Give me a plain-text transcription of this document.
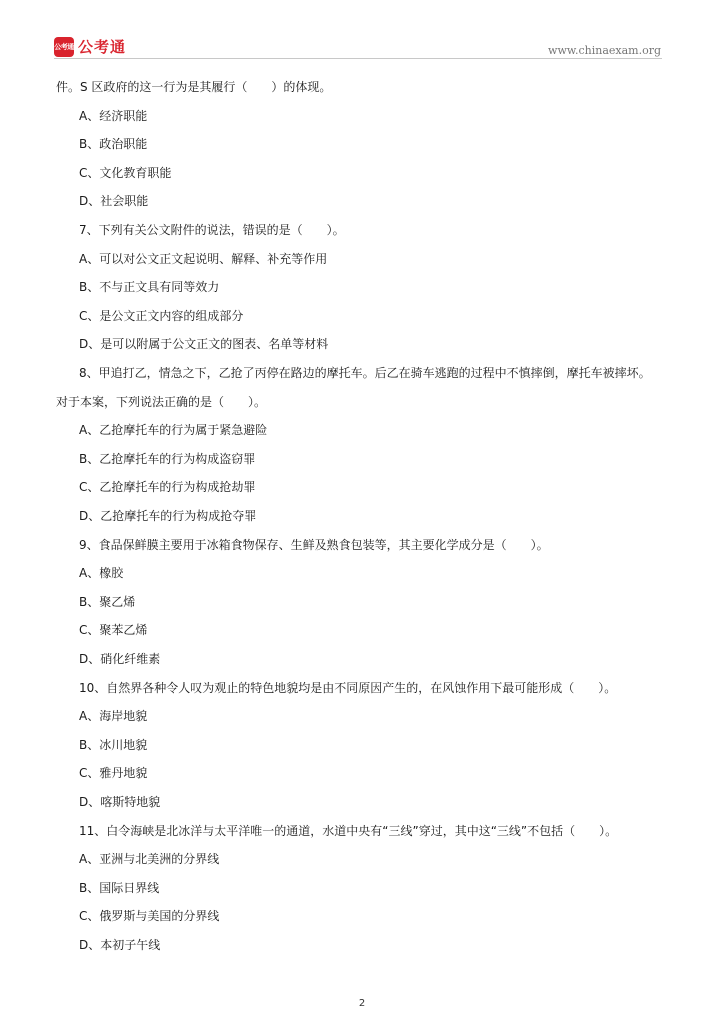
公考通 公考通	www.chinaexam.org
件。S 区政府的这一行为是其履行（　　）的体现。
A、经济职能
B、政治职能
C、文化教育职能
D、社会职能
7、下列有关公文附件的说法，错误的是（　　）。
A、可以对公文正文起说明、解释、补充等作用
B、不与正文具有同等效力
C、是公文正文内容的组成部分
D、是可以附属于公文正文的图表、名单等材料
8、甲追打乙，情急之下，乙抢了丙停在路边的摩托车。后乙在骑车逃跑的过程中不慎摔倒，摩托车被摔坏。
对于本案，下列说法正确的是（　　）。
A、乙抢摩托车的行为属于紧急避险
B、乙抢摩托车的行为构成盗窃罪
C、乙抢摩托车的行为构成抢劫罪
D、乙抢摩托车的行为构成抢夺罪
9、食品保鲜膜主要用于冰箱食物保存、生鲜及熟食包装等，其主要化学成分是（　　）。
A、橡胶
B、聚乙烯
C、聚苯乙烯
D、硝化纤维素
10、自然界各种令人叹为观止的特色地貌均是由不同原因产生的，在风蚀作用下最可能形成（　　）。
A、海岸地貌
B、冰川地貌
C、雅丹地貌
D、喀斯特地貌
11、白令海峡是北冰洋与太平洋唯一的通道，水道中央有“三线”穿过，其中这“三线”不包括（　　）。
A、亚洲与北美洲的分界线
B、国际日界线
C、俄罗斯与美国的分界线
D、本初子午线
2
